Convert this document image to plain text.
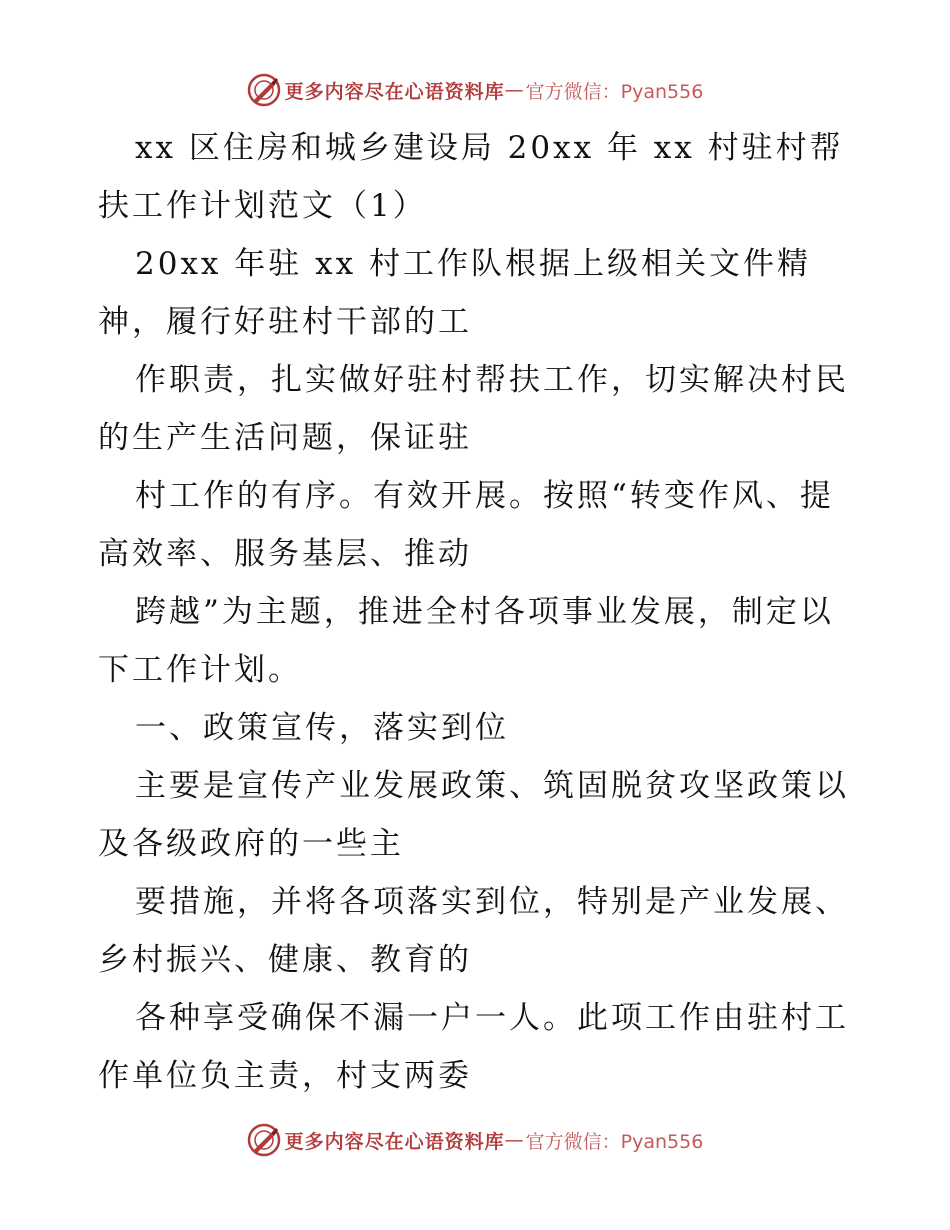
更多内容尽在心语资料库 — 官方微信：Pyan556
xx 区住房和城乡建设局 20xx 年 xx 村驻村帮
扶工作计划范文（1）
20xx 年驻 xx 村工作队根据上级相关文件精
神，履行好驻村干部的工
作职责，扎实做好驻村帮扶工作，切实解决村民
的生产生活问题，保证驻
村工作的有序。有效开展。按照“转变作风、提
高效率、服务基层、推动
跨越”为主题，推进全村各项事业发展，制定以
下工作计划。
一、政策宣传，落实到位
主要是宣传产业发展政策、筑固脱贫攻坚政策以
及各级政府的一些主
要措施，并将各项落实到位，特别是产业发展、
乡村振兴、健康、教育的
各种享受确保不漏一户一人。此项工作由驻村工
作单位负主责，村支两委
更多内容尽在心语资料库 — 官方微信：Pyan556
